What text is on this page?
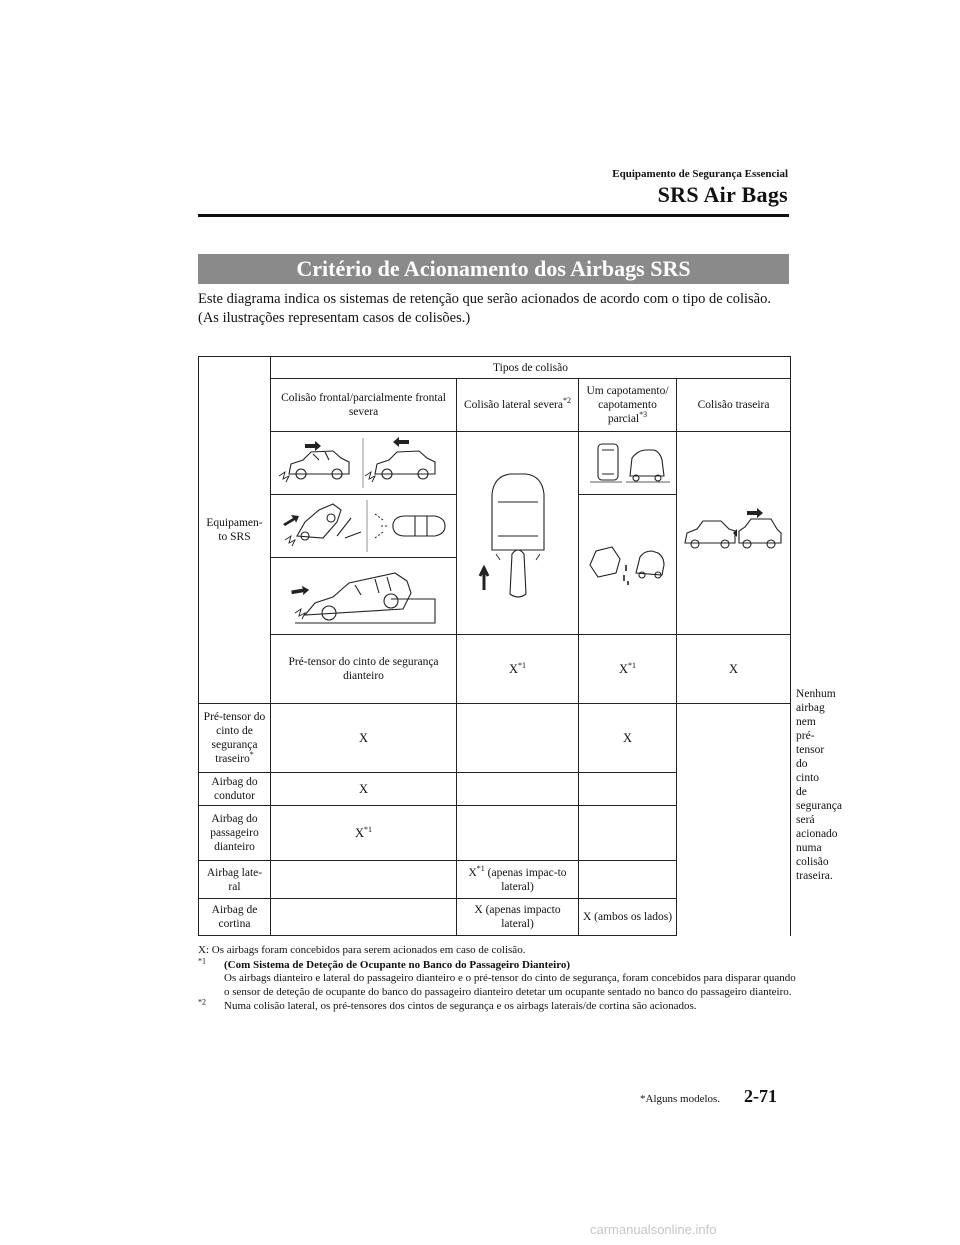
Equipamento de Segurança Essencial
SRS Air Bags
Critério de Acionamento dos Airbags SRS

Este diagrama indica os sistemas de retenção que serão acionados de acordo com o tipo de colisão.

(As ilustrações representam casos de colisões.)

Equipamen-to SRS	Tipos de colisão				
	Colisão frontal/parcialmente frontal severa	Colisão lateral severa$^{*2}$	Um capotamento/ capotamento parcial$^{*3}$	Colisão traseira	

	Pré-tensor do cinto de segurança dianteiro	$X^{*1}$	$X^{*1}$	X	Nenhum airbag nem pré-tensor do cinto de segurança será acionado numa colisão traseira.
Pré-tensor do cinto de segurança traseiro*	X		X		
Airbag do condutor	X				
Airbag do passageiro dianteiro	$X^{*1}$		
Airbag late-ral		$X^{*1}$ (apenas impac-to lateral)			
Airbag de cortina		X (apenas impacto lateral)	X (ambos os lados)		
X: Os airbags foram concebidos para serem acionados em caso de colisão.
$^{*1}$	(Com Sistema de Deteção de Ocupante no Banco do Passageiro Dianteiro)
Os airbags dianteiro e lateral do passageiro dianteiro e o pré-tensor do cinto de segurança, foram concebidos para disparar quando o sensor de deteção de ocupante do banco do passageiro dianteiro detetar um ocupante sentado no banco do passageiro dianteiro.
$^{*2}$	Numa colisão lateral, os pré-tensores dos cintos de segurança e os airbags laterais/de cortina são acionados.
*Alguns modelos. 2-71
carmanualsonline.info
